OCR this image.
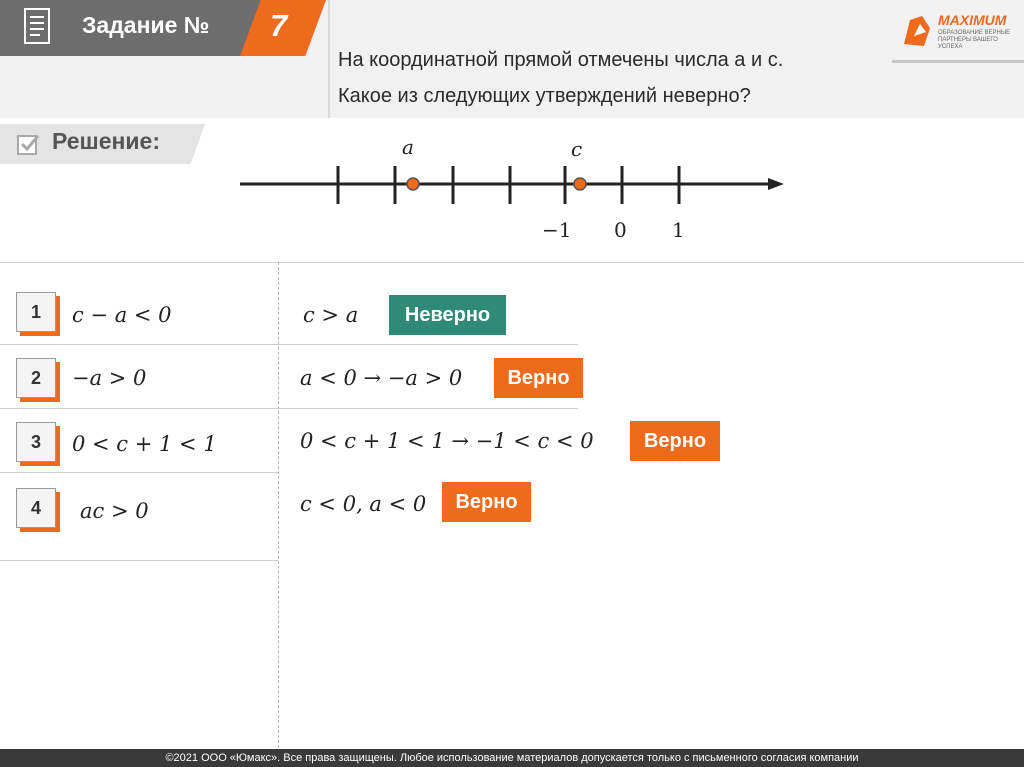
Задание № 7
На координатной прямой отмечены числа a и c.
Какое из следующих утверждений неверно?
MAXIMUM
ОБРАЗОВАНИЕ ВЕРНЫЕ ПАРТНЕРЫ ВАШЕГО УСПЕХА
Решение:	a	c
−1 0 1
1	c − a < 0
2	−a > 0
3	0 < c + 1 < 1
4	ac > 0
c > a	Неверно
a < 0 → −a > 0	Верно
0 < c + 1 < 1 → −1 < c < 0	Верно
c < 0, a < 0	Верно
©2021 ООО «Юмакс». Все права защищены. Любое использование материалов допускается только с письменного согласия компании
